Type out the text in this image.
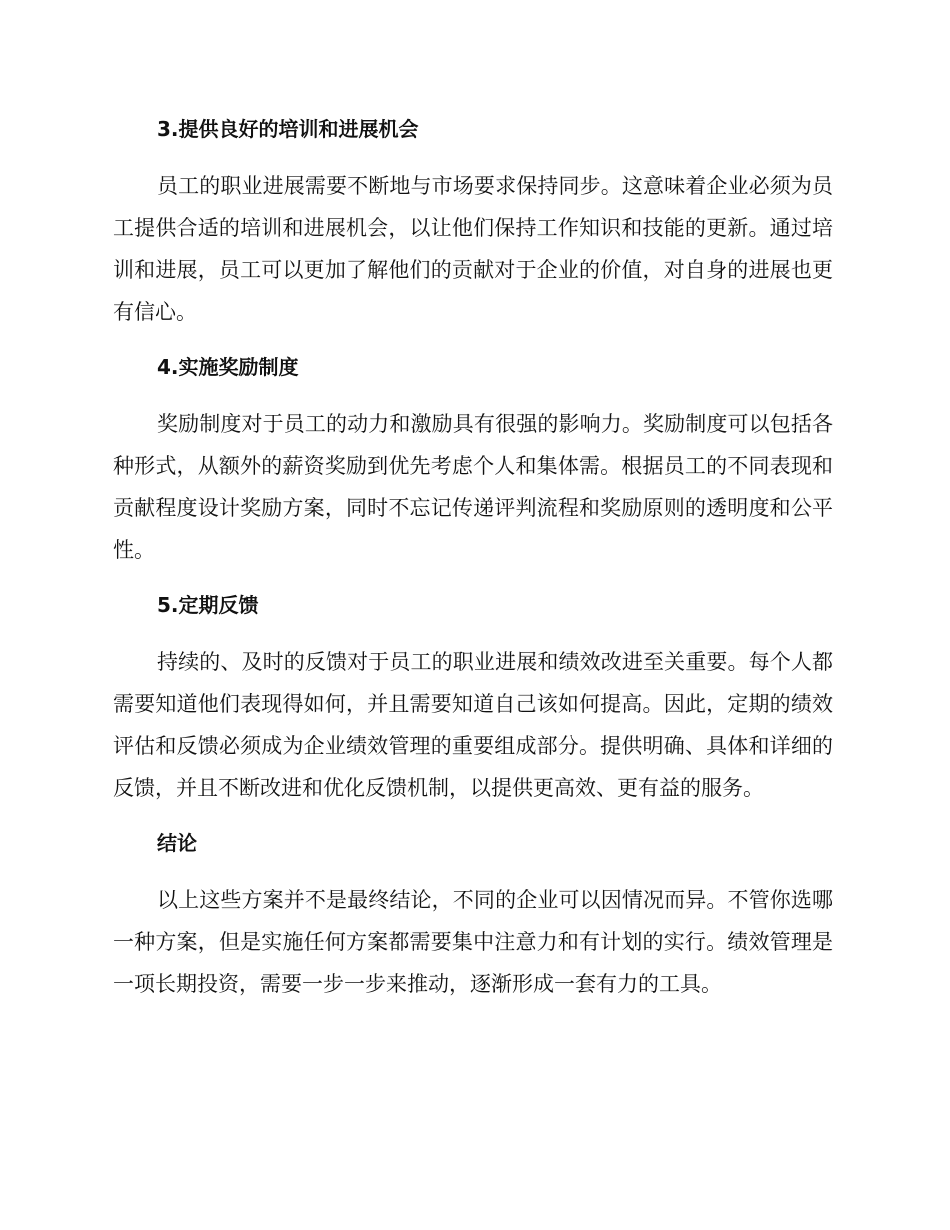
3.提供良好的培训和进展机会

员工的职业进展需要不断地与市场要求保持同步。这意味着企业必须为员工提供合适的培训和进展机会，以让他们保持工作知识和技能的更新。通过培训和进展，员工可以更加了解他们的贡献对于企业的价值，对自身的进展也更有信心。

4.实施奖励制度

奖励制度对于员工的动力和激励具有很强的影响力。奖励制度可以包括各种形式，从额外的薪资奖励到优先考虑个人和集体需。根据员工的不同表现和贡献程度设计奖励方案，同时不忘记传递评判流程和奖励原则的透明度和公平性。

5.定期反馈

持续的、及时的反馈对于员工的职业进展和绩效改进至关重要。每个人都需要知道他们表现得如何，并且需要知道自己该如何提高。因此，定期的绩效评估和反馈必须成为企业绩效管理的重要组成部分。提供明确、具体和详细的反馈，并且不断改进和优化反馈机制，以提供更高效、更有益的服务。

结论

以上这些方案并不是最终结论，不同的企业可以因情况而异。不管你选哪一种方案，但是实施任何方案都需要集中注意力和有计划的实行。绩效管理是一项长期投资，需要一步一步来推动，逐渐形成一套有力的工具。
